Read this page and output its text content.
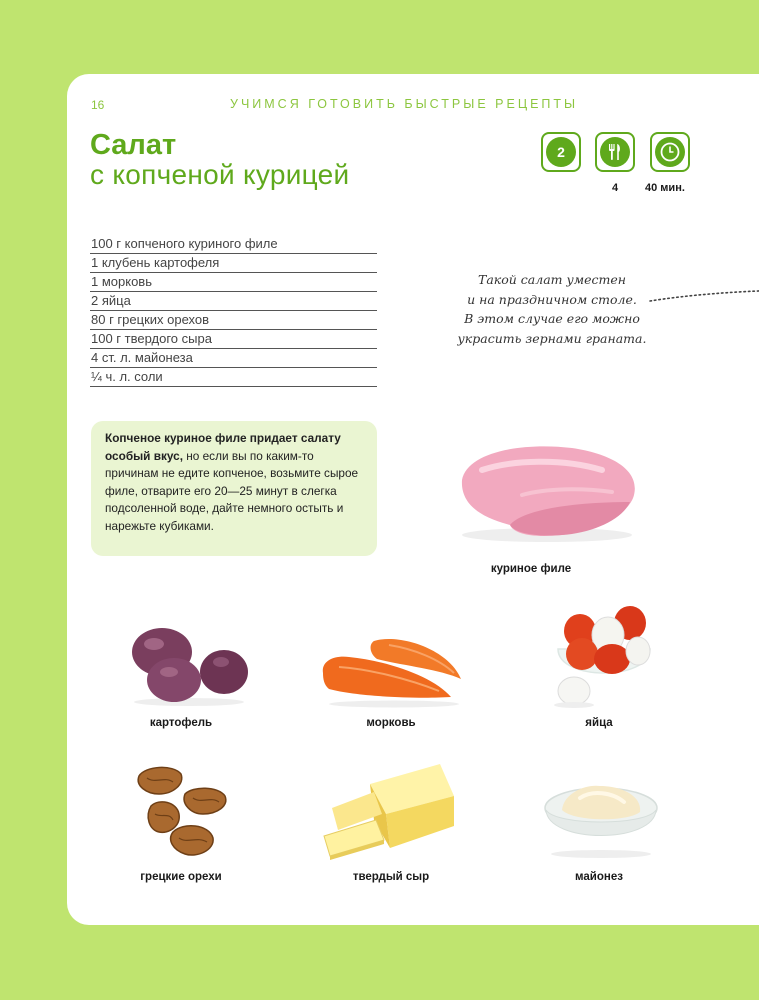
16	УЧИМСЯ ГОТОВИТЬ БЫСТРЫЕ РЕЦЕПТЫ
Салат
с копченой курицей
2
4 40 мин.
100 г копченого куриного филе
1 клубень картофеля
1 морковь
2 яйца
80 г грецких орехов
100 г твердого сыра
4 ст. л. майонеза
¼ ч. л. соли
Такой салат уместен
и на праздничном столе.
В этом случае его можно
украсить зернами граната.
Копченое куриное филе придает салату особый вкус, но если вы по каким-то причинам не едите копченое, возьмите сырое филе, отварите его 20—25 минут в слегка подсоленной воде, дайте немного остыть и нарежьте кубиками.
куриное филе
картофель	морковь	яйца
грецкие орехи	твердый сыр	майонез
